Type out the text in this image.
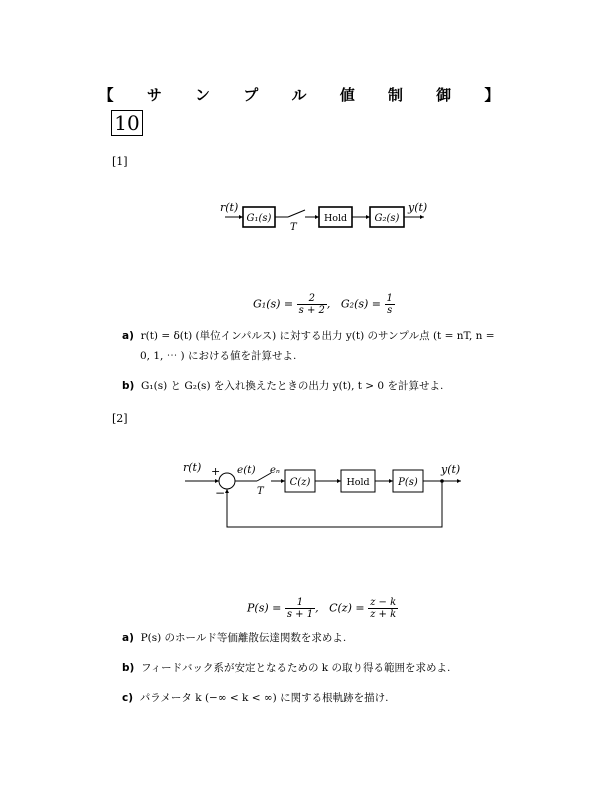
【 サ ン プ ル 値 制 御 】
10
[1]
r(t)
G₁(s)
T
Hold	G₂(s)
y(t)
$G_1(s) = \frac{2}{s + 2}$ ,   $G_2(s) = \frac{1}{s}$
a) r(t) = δ(t) (単位インパルス) に対する出力 y(t) のサンプル点 (t = nT, n =
0, 1, ⋯ ) における値を計算せよ.
b) G₁(s) と G₂(s) を入れ換えたときの出力 y(t), t > 0 を計算せよ.
[2]
r(t) +
−
e(t)
T
eₙ
C(z)	Hold	P(s)
y(t)
$P(s) = \frac{1}{s + 1}$ ,   $C(z) = \frac{z - k}{z + k}$
a) P(s) のホールド等価離散伝達関数を求めよ.
b) フィードバック系が安定となるための k の取り得る範囲を求めよ.
c) パラメータ k (−∞ < k < ∞) に関する根軌跡を描け.
